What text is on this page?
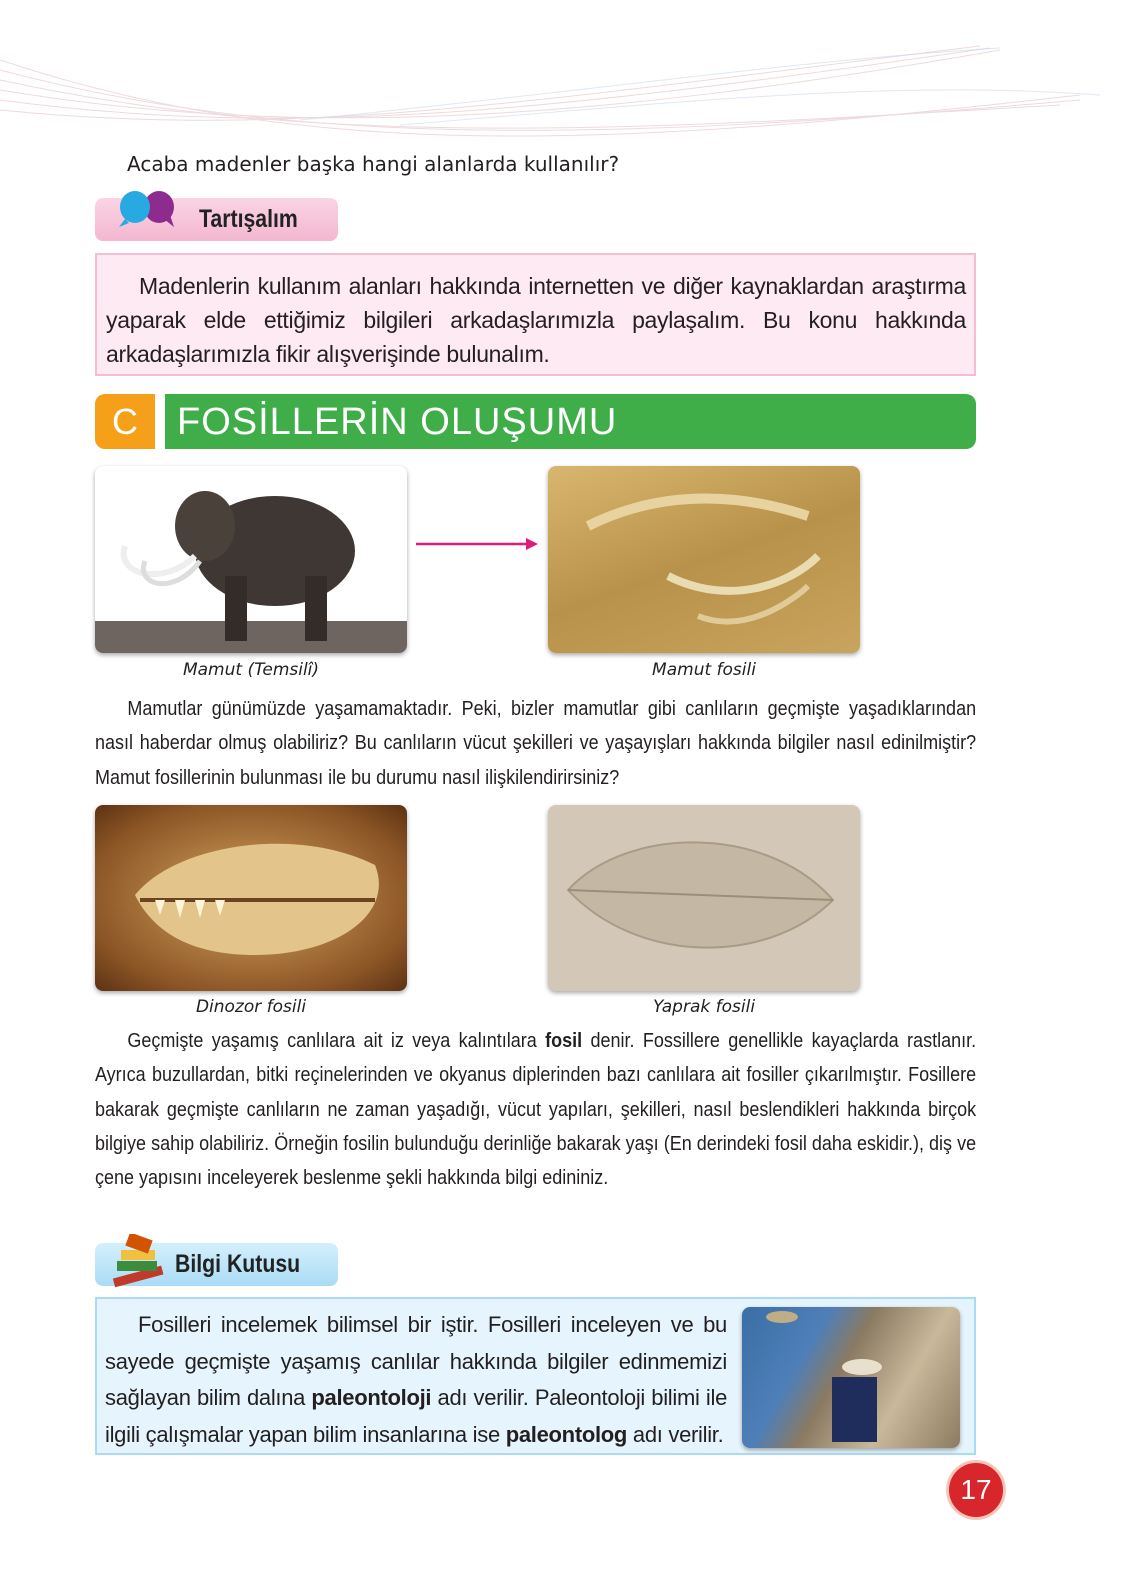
Acaba madenler başka hangi alanlarda kullanılır?
Tartışalım

Madenlerin kullanım alanları hakkında internetten ve diğer kaynaklardan araştırma yaparak elde ettiğimiz bilgileri arkadaşlarımızla paylaşalım. Bu konu hakkında arkadaşlarımızla fikir alışverişinde bulunalım.

C	FOSİLLERİN OLUŞUMU
Mamut (Temsilî)	Mamut fosili

Mamutlar günümüzde yaşamamaktadır. Peki, bizler mamutlar gibi canlıların geçmişte yaşadıklarından nasıl haberdar olmuş olabiliriz? Bu canlıların vücut şekilleri ve yaşayışları hakkında bilgiler nasıl edinilmiştir? Mamut fosillerinin bulunması ile bu durumu nasıl ilişkilendirirsiniz?

Dinozor fosili	Yaprak fosili

Geçmişte yaşamış canlılara ait iz veya kalıntılara fosil denir. Fossillere genellikle kayaçlarda rastlanır. Ayrıca buzullardan, bitki reçinelerinden ve okyanus diplerinden bazı canlılara ait fosiller çıkarılmıştır. Fosillere bakarak geçmişte canlıların ne zaman yaşadığı, vücut yapıları, şekilleri, nasıl beslendikleri hakkında birçok bilgiye sahip olabiliriz. Örneğin fosilin bulunduğu derinliğe bakarak yaşı (En derindeki fosil daha eskidir.), diş ve çene yapısını inceleyerek beslenme şekli hakkında bilgi edininiz.

Bilgi Kutusu

Fosilleri incelemek bilimsel bir iştir. Fosilleri inceleyen ve bu sayede geçmişte yaşamış canlılar hakkında bilgiler edinmemizi sağlayan bilim dalına paleontoloji adı verilir. Paleontoloji bilimi ile ilgili çalışmalar yapan bilim insanlarına ise paleontolog adı verilir.

17
